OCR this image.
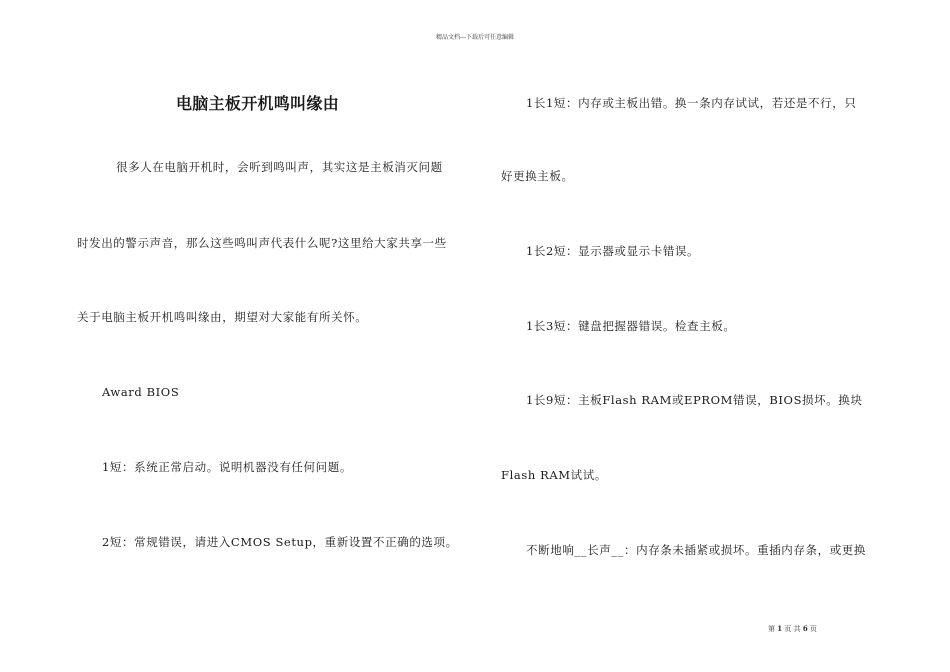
精品文档---下载后可任意编辑
电脑主板开机鸣叫缘由
很多人在电脑开机时，会听到鸣叫声，其实这是主板消灭问题
时发出的警示声音，那么这些鸣叫声代表什么呢?这里给大家共享一些
关于电脑主板开机鸣叫缘由，期望对大家能有所关怀。
Award BIOS
1短：系统正常启动。说明机器没有任何问题。
2短：常规错误，请进入CMOS Setup，重新设置不正确的选项。
1长1短：内存或主板出错。换一条内存试试，若还是不行，只
好更换主板。
1长2短：显示器或显示卡错误。
1长3短：键盘把握器错误。检查主板。
1长9短：主板Flash RAM或EPROM错误，BIOS损坏。换块
Flash RAM试试。
不断地响__长声__：内存条未插紧或损坏。重插内存条，或更换
第 1 页 共 6 页
